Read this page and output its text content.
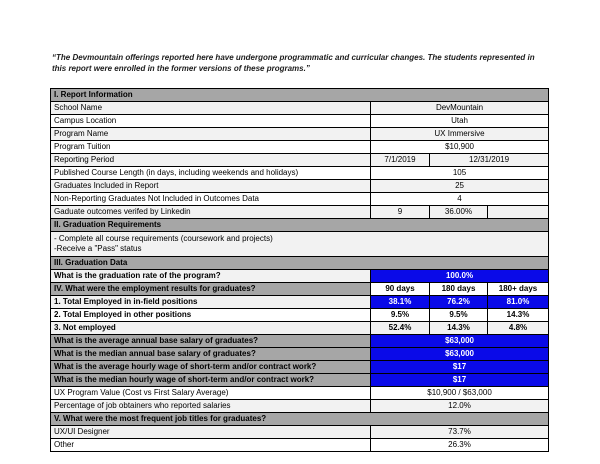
“The Devmountain offerings reported here have undergone programmatic and curricular changes. The students represented in this report were enrolled in the former versions of these programs.”
I. Report Information			
School Name	DevMountain		
Campus Location	Utah		
Program Name	UX Immersive		
Program Tuition	$10,900		
Reporting Period	7/1/2019	12/31/2019	
Published Course Length (in days, including weekends and holidays)	105		
Graduates Included in Report	25		
Non-Reporting Graduates Not Included in Outcomes Data	4		
Gaduate outcomes verifed by Linkedin	9	36.00%	
II. Graduation Requirements			

- Complete all course requirements (coursework and projects)
-Receive a "Pass" status			

III. Graduation Data			
What is the graduation rate of the program?	100.0%		
IV. What were the employment results for graduates?	90 days	180 days	180+ days
1. Total Employed in in-field positions	38.1%	76.2%	81.0%
2. Total Employed in other positions	9.5%	9.5%	14.3%
3. Not employed	52.4%	14.3%	4.8%
What is the average annual base salary of graduates?	$63,000		
What is the median annual base salary of graduates?	$63,000		
What is the average hourly wage of short-term and/or contract work?	$17		
What is the median hourly wage of short-term and/or contract work?	$17		
UX Program Value (Cost vs First Salary Average)	$10,900 / $63,000		
Percentage of job obtainers who reported salaries	12.0%		
V. What were the most frequent job titles for graduates?			
UX/UI Designer	73.7%		
Other	26.3%		
